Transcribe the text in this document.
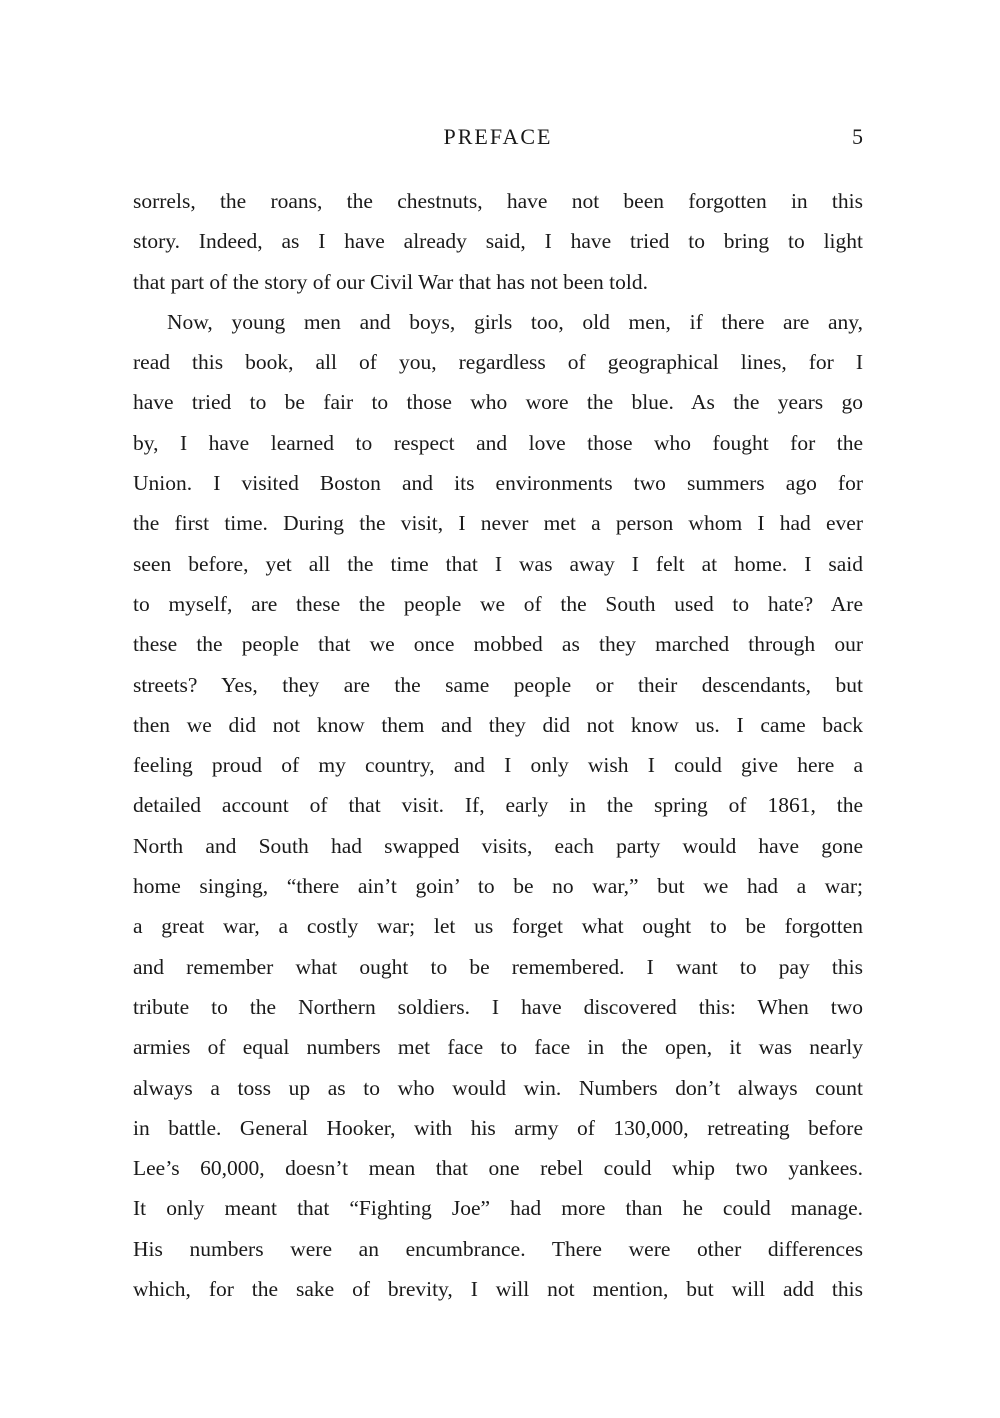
PREFACE	5
sorrels, the roans, the chestnuts, have not been forgotten in this
story. Indeed, as I have already said, I have tried to bring to light
that part of the story of our Civil War that has not been told.
Now, young men and boys, girls too, old men, if there are any,
read this book, all of you, regardless of geographical lines, for I
have tried to be fair to those who wore the blue. As the years go
by, I have learned to respect and love those who fought for the
Union. I visited Boston and its environments two summers ago for
the first time. During the visit, I never met a person whom I had ever
seen before, yet all the time that I was away I felt at home. I said
to myself, are these the people we of the South used to hate? Are
these the people that we once mobbed as they marched through our
streets? Yes, they are the same people or their descendants, but
then we did not know them and they did not know us. I came back
feeling proud of my country, and I only wish I could give here a
detailed account of that visit. If, early in the spring of 1861, the
North and South had swapped visits, each party would have gone
home singing, “there ain’t goin’ to be no war,” but we had a war;
a great war, a costly war; let us forget what ought to be forgotten
and remember what ought to be remembered. I want to pay this
tribute to the Northern soldiers. I have discovered this: When two
armies of equal numbers met face to face in the open, it was nearly
always a toss up as to who would win. Numbers don’t always count
in battle. General Hooker, with his army of 130,000, retreating before
Lee’s 60,000, doesn’t mean that one rebel could whip two yankees.
It only meant that “Fighting Joe” had more than he could manage.
His numbers were an encumbrance. There were other differences
which, for the sake of brevity, I will not mention, but will add this
